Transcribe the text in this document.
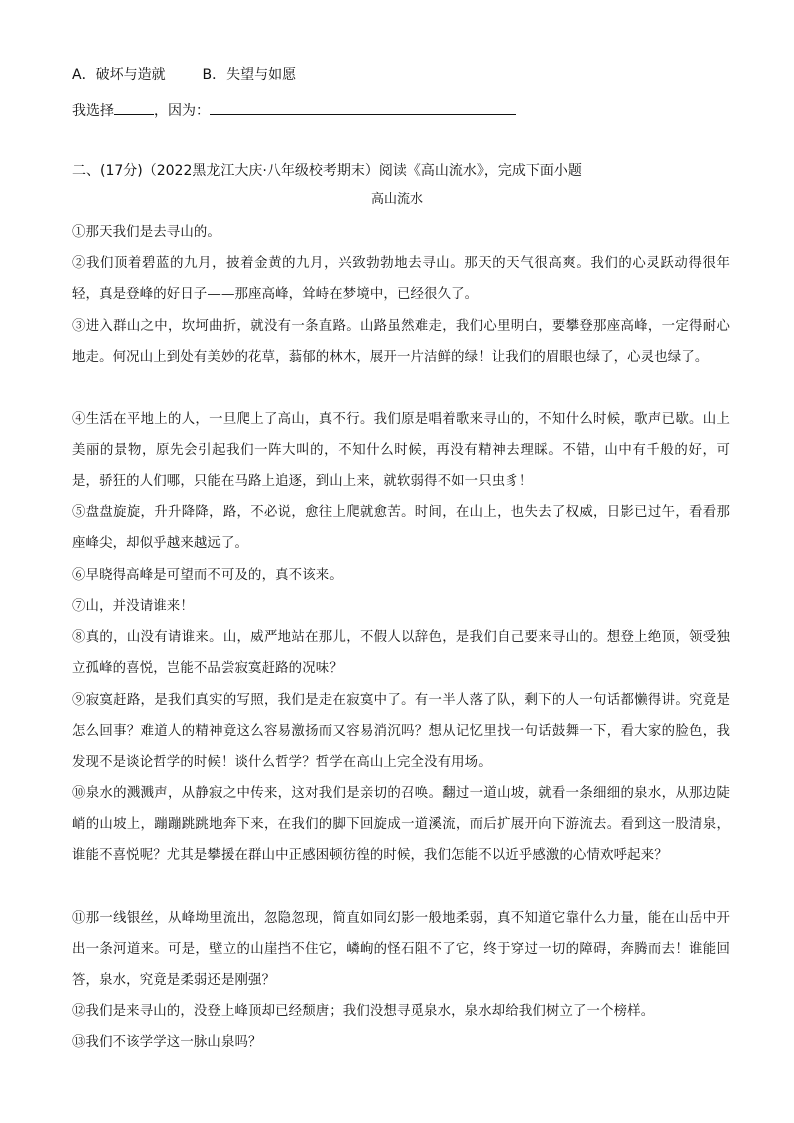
A．破坏与造就	B．失望与如愿
我选择	，因为：
二、(17分)（2022黑龙江大庆·八年级校考期末）阅读《高山流水》，完成下面小题
高山流水
①那天我们是去寻山的。
②我们顶着碧蓝的九月，披着金黄的九月，兴致勃勃地去寻山。那天的天气很高爽。我们的心灵跃动得很年轻，真是登峰的好日子——那座高峰，耸峙在梦境中，已经很久了。
③进入群山之中，坎坷曲折，就没有一条直路。山路虽然难走，我们心里明白，要攀登那座高峰，一定得耐心地走。何况山上到处有美妙的花草，蓊郁的林木，展开一片洁鲜的绿！让我们的眉眼也绿了，心灵也绿了。
④生活在平地上的人，一旦爬上了高山，真不行。我们原是唱着歌来寻山的，不知什么时候，歌声已歇。山上美丽的景物，原先会引起我们一阵大叫的，不知什么时候，再没有精神去理睬。不错，山中有千般的好，可是，骄狂的人们哪，只能在马路上追逐，到山上来，就软弱得不如一只虫豸！
⑤盘盘旋旋，升升降降，路，不必说，愈往上爬就愈苦。时间，在山上，也失去了权威，日影已过午，看看那座峰尖，却似乎越来越远了。
⑥早晓得高峰是可望而不可及的，真不该来。
⑦山，并没请谁来！
⑧真的，山没有请谁来。山，威严地站在那儿，不假人以辞色，是我们自己要来寻山的。想登上绝顶，领受独立孤峰的喜悦，岂能不品尝寂寞赶路的况味？
⑨寂寞赶路，是我们真实的写照，我们是走在寂寞中了。有一半人落了队，剩下的人一句话都懒得讲。究竟是怎么回事？难道人的精神竟这么容易激扬而又容易消沉吗？想从记忆里找一句话鼓舞一下，看大家的脸色，我发现不是谈论哲学的时候！谈什么哲学？哲学在高山上完全没有用场。
⑩泉水的溅溅声，从静寂之中传来，这对我们是亲切的召唤。翻过一道山坡，就看一条细细的泉水，从那边陡峭的山坡上，蹦蹦跳跳地奔下来，在我们的脚下回旋成一道溪流，而后扩展开向下游流去。看到这一股清泉，谁能不喜悦呢？尤其是攀援在群山中正感困顿彷徨的时候，我们怎能不以近乎感激的心情欢呼起来？
⑪那一线银丝，从峰坳里流出，忽隐忽现，简直如同幻影一般地柔弱，真不知道它靠什么力量，能在山岳中开出一条河道来。可是，壁立的山崖挡不住它，嶙峋的怪石阻不了它，终于穿过一切的障碍，奔腾而去！谁能回答，泉水，究竟是柔弱还是刚强？
⑫我们是来寻山的，没登上峰顶却已经颓唐；我们没想寻觅泉水，泉水却给我们树立了一个榜样。
⑬我们不该学学这一脉山泉吗？
